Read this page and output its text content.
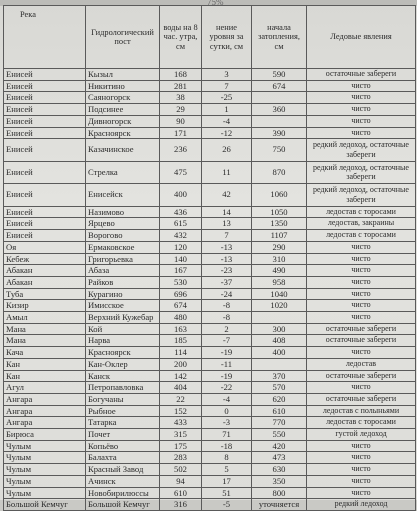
75%
Река	Гидрологический пост	воды на 8 час. утра, см	нение уровня за сутки, см	начала затопления, см	Ледовые явления
Енисей	Кызыл	168	3	590	остаточные забереги
Енисей	Никитино	281	7	674	чисто
Енисей	Саяногорск	38	-25		чисто
Енисей	Подсинее	29	1	360	чисто
Енисей	Дивногорск	90	-4		чисто
Енисей	Красноярск	171	-12	390	чисто
Енисей	Казачинское	236	26	750	редкий ледоход, остаточные забереги
Енисей	Стрелка	475	11	870	редкий ледоход, остаточные забереги
Енисей	Енисейск	400	42	1060	редкий ледоход, остаточные забереги
Енисей	Назимово	436	14	1050	ледостав с торосами
Енисей	Ярцево	615	13	1350	ледостав, закраины
Енисей	Ворогово	432	7	1107	ледостав с торосами
Оя	Ермаковское	120	-13	290	чисто
Кебеж	Григорьевка	140	-13	310	чисто
Абакан	Абаза	167	-23	490	чисто
Абакан	Райков	530	-37	958	чисто
Туба	Курагино	696	-24	1040	чисто
Кизир	Имисское	674	-8	1020	чисто
Амыл	Верхний Кужебар	480	-8		чисто
Мана	Кой	163	2	300	остаточные забереги
Мана	Нарва	185	-7	408	остаточные забереги
Кача	Красноярск	114	-19	400	чисто
Кан	Кан-Оклер	200	-11		ледостав
Кан	Канск	142	-19	370	остаточные забереги
Агул	Петропавловка	404	-22	570	чисто
Ангара	Богучаны	22	-4	620	остаточные забереги
Ангара	Рыбное	152	0	610	ледостав с полыньями
Ангара	Татарка	433	-3	770	ледостав с торосами
Бирюса	Почет	315	71	550	густой ледоход
Чулым	Копьёво	175	-18	420	чисто
Чулым	Балахта	283	8	473	чисто
Чулым	Красный Завод	502	5	630	чисто
Чулым	Ачинск	94	17	350	чисто
Чулым	Новобирилюссы	610	51	800	чисто
Большой Кемчуг	Большой Кемчуг	316	-5	уточняется	редкий ледоход
